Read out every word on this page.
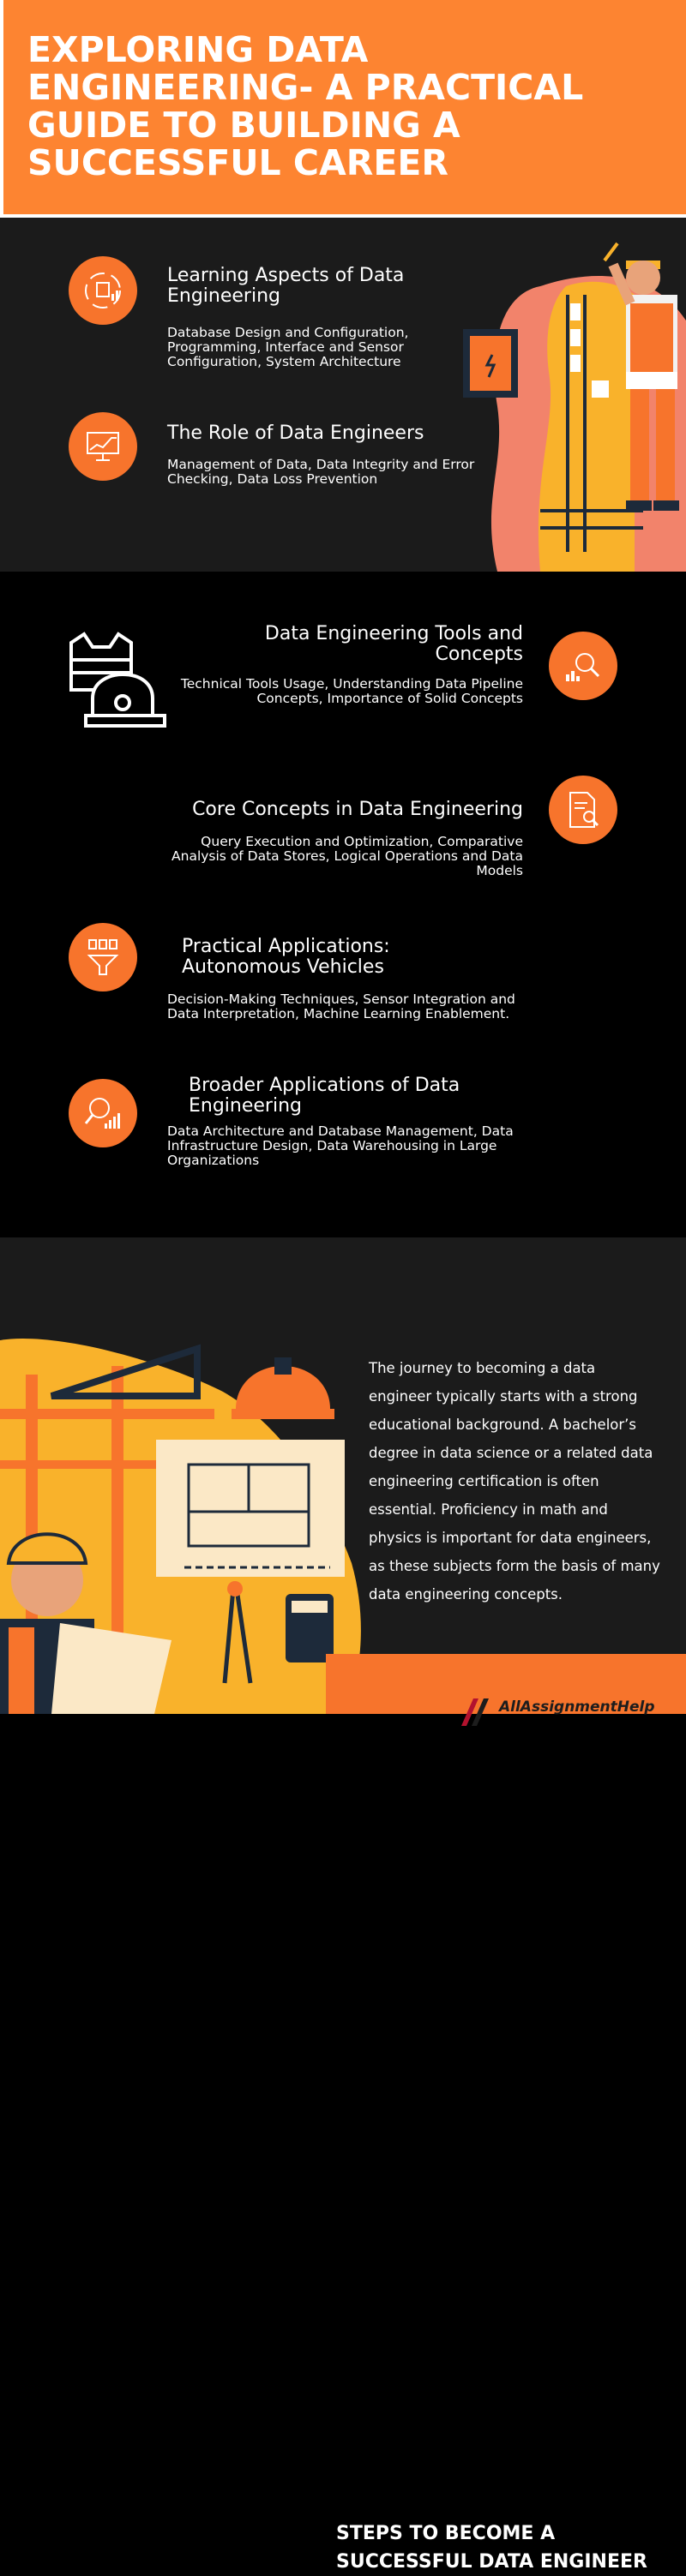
EXPLORING DATA ENGINEERING- A PRACTICAL GUIDE TO BUILDING A SUCCESSFUL CAREER
Learning Aspects of Data Engineering

Database Design and Configuration, Programming, Interface and Sensor Configuration, System Architecture

The Role of Data Engineers

Management of Data, Data Integrity and Error Checking, Data Loss Prevention

Data Engineering Tools and Concepts

Technical Tools Usage, Understanding Data Pipeline Concepts, Importance of Solid Concepts

Core Concepts in Data Engineering

Query Execution and Optimization, Comparative Analysis of Data Stores, Logical Operations and Data Models

Practical Applications: Autonomous Vehicles

Decision-Making Techniques, Sensor Integration and Data Interpretation, Machine Learning Enablement.

Broader Applications of Data Engineering

Data Architecture and Database Management, Data Infrastructure Design, Data Warehousing in Large Organizations

STEPS TO BECOME A SUCCESSFUL DATA ENGINEER

The journey to becoming a data engineer typically starts with a strong educational background. A bachelor’s degree in data science or a related data engineering certification is often essential. Proficiency in math and physics is important for data engineers, as these subjects form the basis of many data engineering concepts.

AllAssignmentHelp
